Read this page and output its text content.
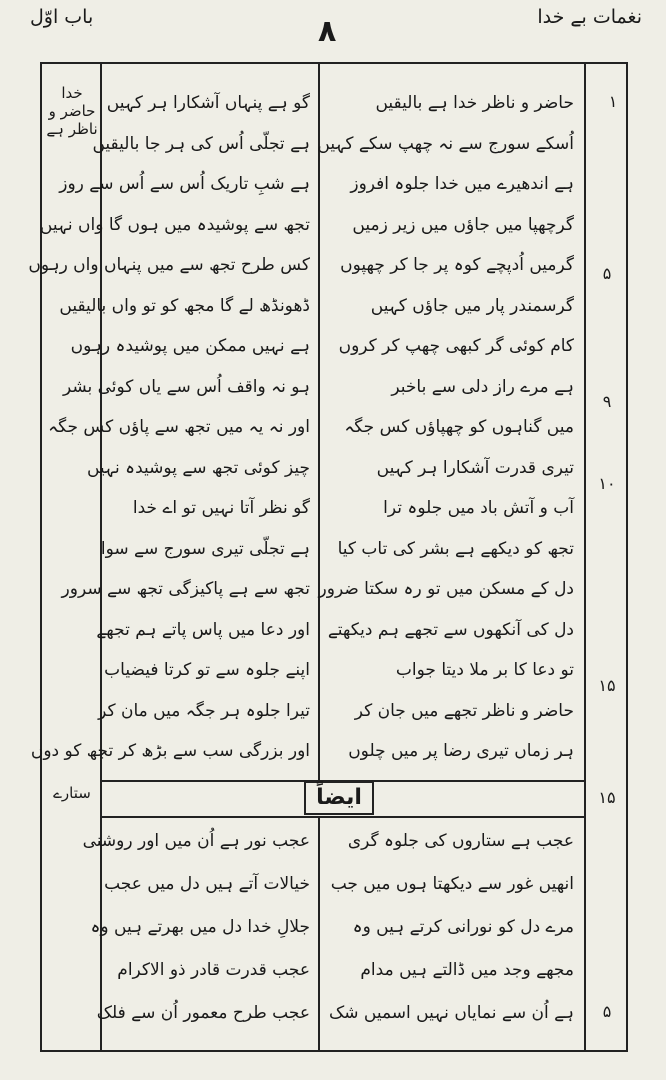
باب اوّل	۸	نغمات بے خدا
ایضاً
خدا حاضر و ناظر ہے
ستارے
۱
۵
۹
۱۰
۱۵
۱۵
۵
حاضر و ناظر خدا ہے بالیقیں
اُسکے سورج سے نہ چھپ سکے کہیں
ہے اندھیرے میں خدا جلوہ افروز
گرچھپا میں جاؤں میں زیر زمیں
گرمیں اُدپچے کوہ پر جا کر چھپوں
گرسمندر پار میں جاؤں کہیں
کام کوئی گر کبھی چھپ کر کروں
ہے مرے راز دلی سے باخبر
میں گناہوں کو چھپاؤں کس جگہ
تیری قدرت آشکارا ہر کہیں
آب و آتش باد میں جلوہ ترا
تجھ کو دیکھے ہے بشر کی تاب کیا
دل کے مسکن میں تو رہ سکتا ضرور
دل کی آنکھوں سے تجھے ہم دیکھتے
تو دعا کا بر ملا دیتا جواب
حاضر و ناظر تجھے میں جان کر
ہر زماں تیری رضا پر میں چلوں
گو ہے پنہاں آشکارا ہر کہیں
ہے تجلّی اُس کی ہر جا بالیقیں
ہے شبِ تاریک اُس سے اُس سے روز
تجھ سے پوشیدہ میں ہوں گا واں نہیں
کس طرح تجھ سے میں پنہاں واں رہوں
ڈھونڈھ لے گا مجھ کو تو واں بالیقیں
ہے نہیں ممکن میں پوشیدہ رہوں
ہو نہ واقف اُس سے یاں کوئی بشر
اور نہ یہ میں تجھ سے پاؤں کس جگہ
چیز کوئی تجھ سے پوشیدہ نہیں
گو نظر آتا نہیں تو اے خدا
ہے تجلّی تیری سورج سے سوا
تجھ سے ہے پاکیزگی تجھ سے سرور
اور دعا میں پاس پاتے ہم تجھے
اپنے جلوہ سے تو کرتا فیضیاب
تیرا جلوہ ہر جگہ میں مان کر
اور بزرگی سب سے بڑھ کر تجھ کو دوں
عجب ہے ستاروں کی جلوہ گری
انھیں غور سے دیکھتا ہوں میں جب
مرے دل کو نورانی کرتے ہیں وہ
مجھے وجد میں ڈالتے ہیں مدام
ہے اُن سے نمایاں نہیں اسمیں شک
عجب نور ہے اُن میں اور روشنی
خیالات آتے ہیں دل میں عجب
جلالِ خدا دل میں بھرتے ہیں وہ
عجب قدرت قادر ذو الاکرام
عجب طرح معمور اُن سے فلک
